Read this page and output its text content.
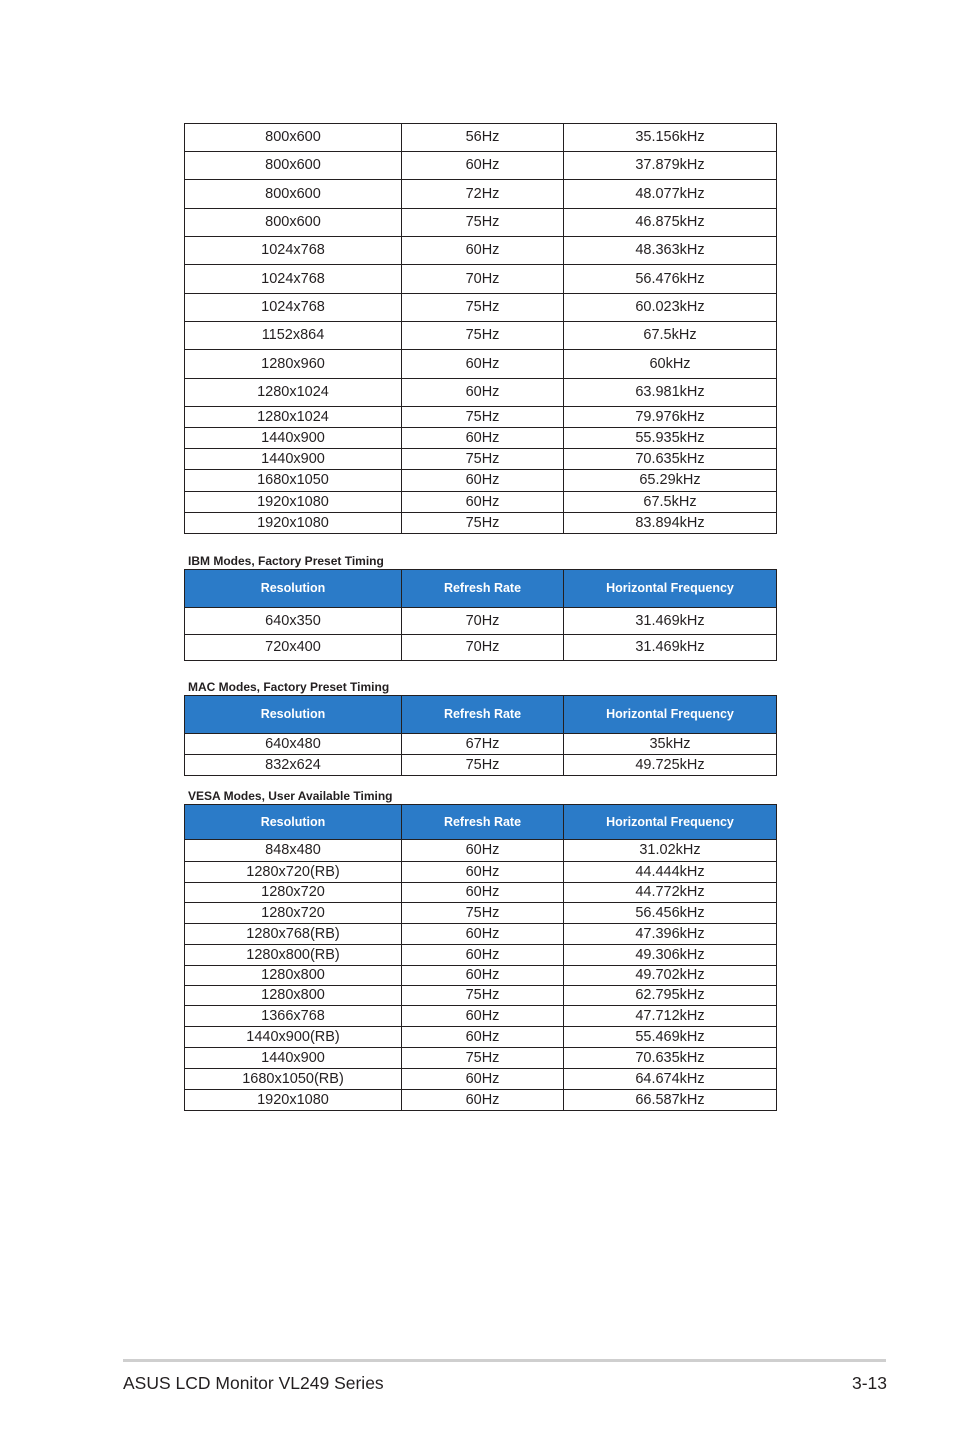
800x600	56Hz	35.156kHz
800x600	60Hz	37.879kHz
800x600	72Hz	48.077kHz
800x600	75Hz	46.875kHz
1024x768	60Hz	48.363kHz
1024x768	70Hz	56.476kHz
1024x768	75Hz	60.023kHz
1152x864	75Hz	67.5kHz
1280x960	60Hz	60kHz
1280x1024	60Hz	63.981kHz
1280x1024	75Hz	79.976kHz
1440x900	60Hz	55.935kHz
1440x900	75Hz	70.635kHz
1680x1050	60Hz	65.29kHz
1920x1080	60Hz	67.5kHz
1920x1080	75Hz	83.894kHz
IBM Modes, Factory Preset Timing
Resolution	Refresh Rate	Horizontal Frequency
640x350	70Hz	31.469kHz
720x400	70Hz	31.469kHz
MAC Modes, Factory Preset Timing
Resolution	Refresh Rate	Horizontal Frequency
640x480	67Hz	35kHz
832x624	75Hz	49.725kHz
VESA Modes, User Available Timing
Resolution	Refresh Rate	Horizontal Frequency
848x480	60Hz	31.02kHz
1280x720(RB)	60Hz	44.444kHz
1280x720	60Hz	44.772kHz
1280x720	75Hz	56.456kHz
1280x768(RB)	60Hz	47.396kHz
1280x800(RB)	60Hz	49.306kHz
1280x800	60Hz	49.702kHz
1280x800	75Hz	62.795kHz
1366x768	60Hz	47.712kHz
1440x900(RB)	60Hz	55.469kHz
1440x900	75Hz	70.635kHz
1680x1050(RB)	60Hz	64.674kHz
1920x1080	60Hz	66.587kHz
ASUS LCD Monitor VL249 Series	3-13
